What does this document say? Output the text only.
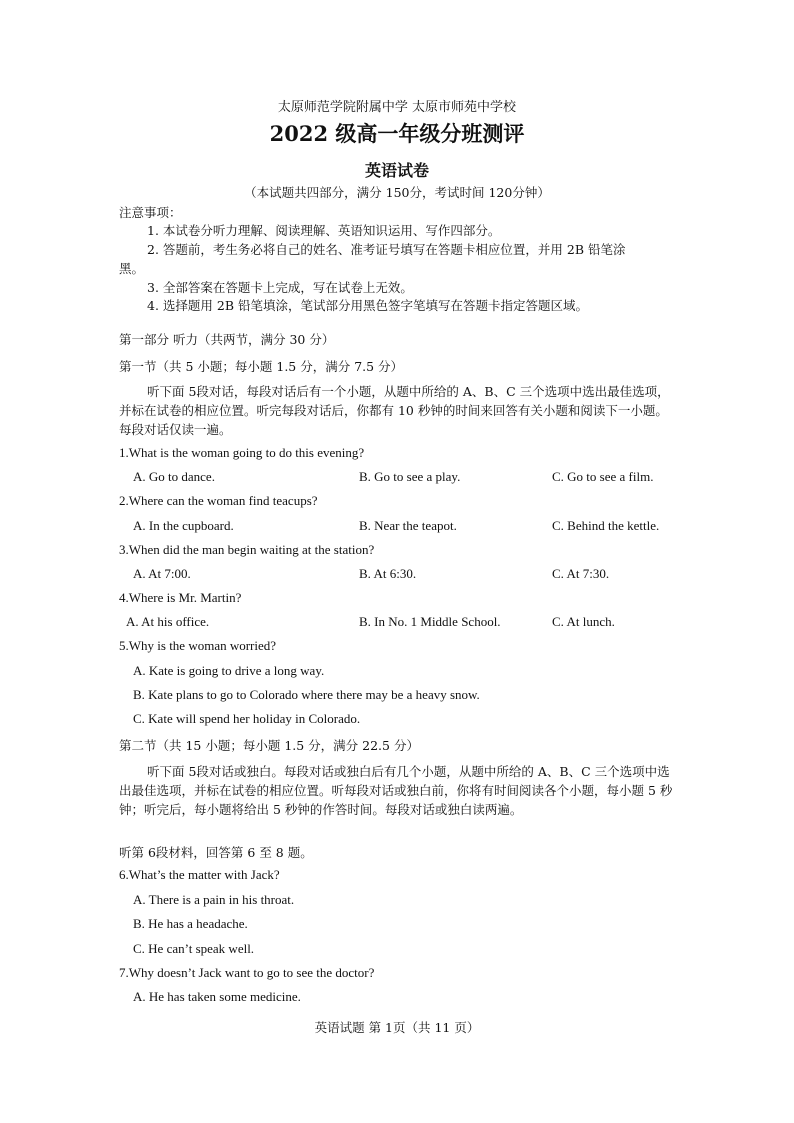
太原师范学院附属中学 太原市师苑中学校
2022 级高一年级分班测评
英语试卷
（本试题共四部分，满分 150分，考试时间 120分钟）
注意事项：
1. 本试卷分听力理解、阅读理解、英语知识运用、写作四部分。
2. 答题前，考生务必将自己的姓名、准考证号填写在答题卡相应位置，并用 2B 铅笔涂
黑。
3. 全部答案在答题卡上完成，写在试卷上无效。
4. 选择题用 2B 铅笔填涂，笔试部分用黑色签字笔填写在答题卡指定答题区域。
第一部分 听力（共两节，满分 30 分）
第一节（共 5 小题；每小题 1.5 分，满分 7.5 分）
听下面 5段对话，每段对话后有一个小题，从题中所给的 A、B、C 三个选项中选出最佳选项，并标在试卷的相应位置。听完每段对话后，你都有 10 秒钟的时间来回答有关小题和阅读下一小题。每段对话仅读一遍。
1.What is the woman going to do this evening?
A. Go to dance.	B. Go to see a play.	C. Go to see a film.
2.Where can the woman find teacups?
A. In the cupboard.	B. Near the teapot.	C. Behind the kettle.
3.When did the man begin waiting at the station?
A. At 7:00.	B. At 6:30.	C. At 7:30.
4.Where is Mr. Martin?
A. At his office.	B. In No. 1 Middle School.	C. At lunch.
5.Why is the woman worried?
A. Kate is going to drive a long way.
B. Kate plans to go to Colorado where there may be a heavy snow.
C. Kate will spend her holiday in Colorado.
第二节（共 15 小题；每小题 1.5 分，满分 22.5 分）
听下面 5段对话或独白。每段对话或独白后有几个小题，从题中所给的 A、B、C 三个选项中选出最佳选项，并标在试卷的相应位置。听每段对话或独白前，你将有时间阅读各个小题，每小题 5 秒钟；听完后，每小题将给出 5 秒钟的作答时间。每段对话或独白读两遍。
听第 6段材料，回答第 6 至 8 题。
6.What’s the matter with Jack?
A. There is a pain in his throat.
B. He has a headache.
C. He can’t speak well.
7.Why doesn’t Jack want to go to see the doctor?
A. He has taken some medicine.
英语试题 第 1页（共 11 页）
